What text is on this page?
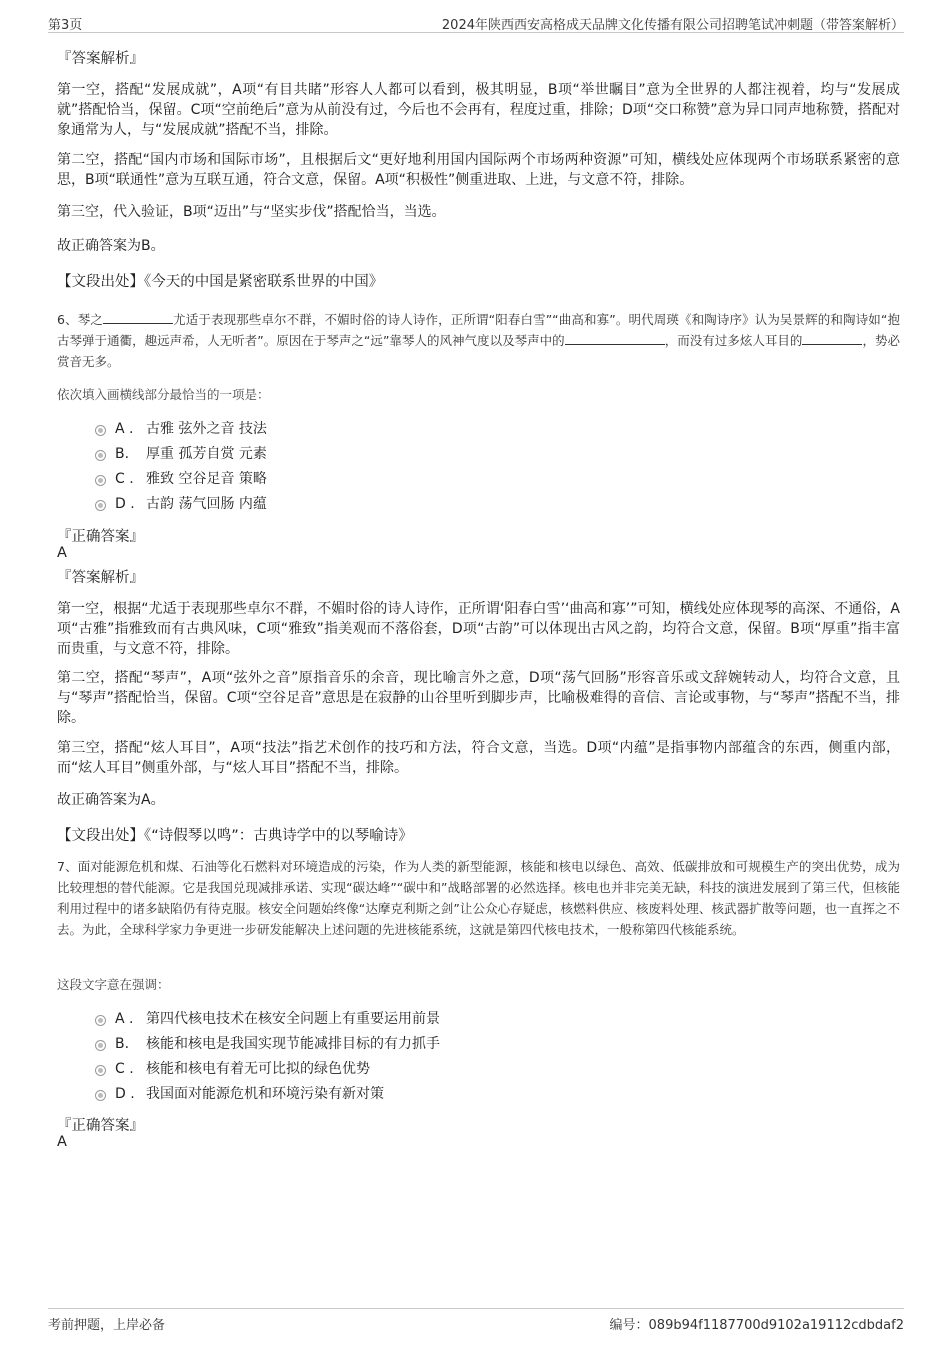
第3页	2024年陕西西安高格成天品牌文化传播有限公司招聘笔试冲刺题（带答案解析）
『答案解析』

第一空，搭配“发展成就”，A项“有目共睹”形容人人都可以看到，极其明显，B项“举世瞩目”意为全世界的人都注视着，均与“发展成就”搭配恰当，保留。C项“空前绝后”意为从前没有过，今后也不会再有，程度过重，排除；D项“交口称赞”意为异口同声地称赞，搭配对象通常为人，与“发展成就”搭配不当，排除。

第二空，搭配“国内市场和国际市场”，且根据后文“更好地利用国内国际两个市场两种资源”可知，横线处应体现两个市场联系紧密的意思，B项“联通性”意为互联互通，符合文意，保留。A项“积极性”侧重进取、上进，与文意不符，排除。

第三空，代入验证，B项“迈出”与“坚实步伐”搭配恰当，当选。

故正确答案为B。

【文段出处】《今天的中国是紧密联系世界的中国》

6、琴之	尤适于表现那些卓尔不群，不媚时俗的诗人诗作，正所谓“阳春白雪”“曲高和寡”。明代周瑛《和陶诗序》认为吴景辉的和陶诗如“抱古琴弹于通衢，趣远声希，人无听者”。原因在于琴声之“远”靠琴人的风神气度以及琴声中的	，而没有过多炫人耳目的	，势必赏音无多。

依次填入画横线部分最恰当的一项是：
A . 古雅 弦外之音 技法
B. 厚重 孤芳自赏 元素
C . 雅致 空谷足音 策略
D . 古韵 荡气回肠 内蕴
『正确答案』
A
『答案解析』

第一空，根据“尤适于表现那些卓尔不群，不媚时俗的诗人诗作，正所谓‘阳春白雪’‘曲高和寡’”可知，横线处应体现琴的高深、不通俗，A项“古雅”指雅致而有古典风味，C项“雅致”指美观而不落俗套，D项“古韵”可以体现出古风之韵，均符合文意，保留。B项“厚重”指丰富而贵重，与文意不符，排除。

第二空，搭配“琴声”，A项“弦外之音”原指音乐的余音，现比喻言外之意，D项“荡气回肠”形容音乐或文辞婉转动人，均符合文意，且与“琴声”搭配恰当，保留。C项“空谷足音”意思是在寂静的山谷里听到脚步声，比喻极难得的音信、言论或事物，与“琴声”搭配不当，排除。

第三空，搭配“炫人耳目”，A项“技法”指艺术创作的技巧和方法，符合文意，当选。D项“内蕴”是指事物内部蕴含的东西，侧重内部，而“炫人耳目”侧重外部，与“炫人耳目”搭配不当，排除。

故正确答案为A。

【文段出处】《“诗假琴以鸣”：古典诗学中的以琴喻诗》

7、面对能源危机和煤、石油等化石燃料对环境造成的污染，作为人类的新型能源，核能和核电以绿色、高效、低碳排放和可规模生产的突出优势，成为比较理想的替代能源。它是我国兑现减排承诺、实现“碳达峰”“碳中和”战略部署的必然选择。核电也并非完美无缺，科技的演进发展到了第三代，但核能利用过程中的诸多缺陷仍有待克服。核安全问题始终像“达摩克利斯之剑”让公众心存疑虑，核燃料供应、核废料处理、核武器扩散等问题，也一直挥之不去。为此，全球科学家力争更进一步研发能解决上述问题的先进核能系统，这就是第四代核电技术，一般称第四代核能系统。

这段文字意在强调：
A . 第四代核电技术在核安全问题上有重要运用前景
B. 核能和核电是我国实现节能减排目标的有力抓手
C . 核能和核电有着无可比拟的绿色优势
D . 我国面对能源危机和环境污染有新对策
『正确答案』
A
考前押题，上岸必备	编号：089b94f1187700d9102a19112cdbdaf2
